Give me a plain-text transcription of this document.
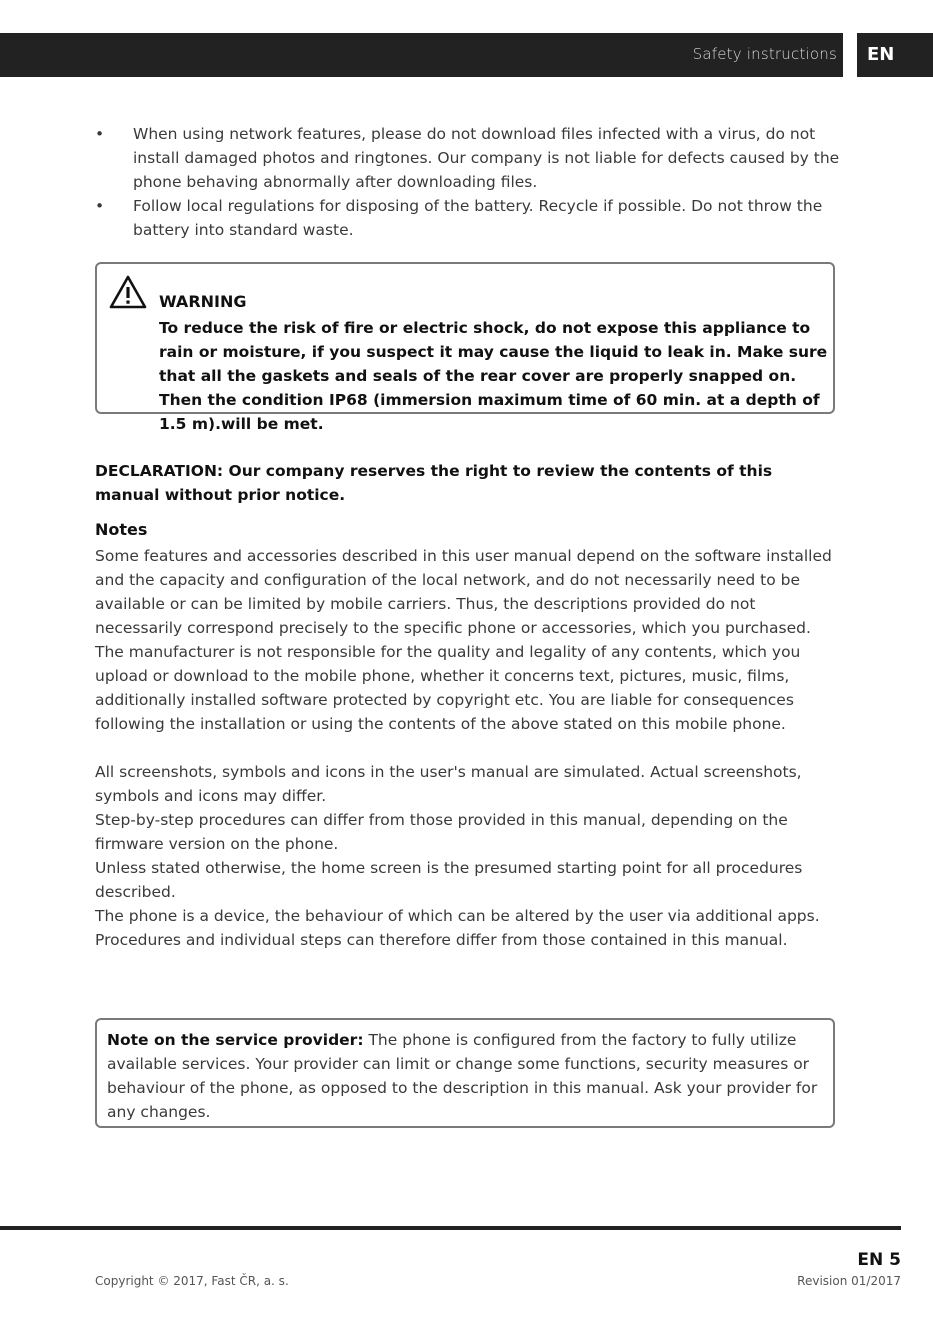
Safety instructions EN
• When using network features, please do not download files infected with a virus, do not install damaged photos and ringtones. Our company is not liable for defects caused by the phone behaving abnormally after downloading files.
• Follow local regulations for disposing of the battery. Recycle if possible. Do not throw the battery into standard waste.
WARNING
To reduce the risk of fire or electric shock, do not expose this appliance to rain or moisture, if you suspect it may cause the liquid to leak in. Make sure that all the gaskets and seals of the rear cover are properly snapped on. Then the condition IP68 (immersion maximum time of 60 min. at a depth of 1.5 m).will be met.
DECLARATION: Our company reserves the right to review the contents of this manual without prior notice.
Notes

Some features and accessories described in this user manual depend on the software installed and the capacity and configuration of the local network, and do not necessarily need to be available or can be limited by mobile carriers. Thus, the descriptions provided do not necessarily correspond precisely to the specific phone or accessories, which you purchased. The manufacturer is not responsible for the quality and legality of any contents, which you upload or download to the mobile phone, whether it concerns text, pictures, music, films, additionally installed software protected by copyright etc. You are liable for consequences following the installation or using the contents of the above stated on this mobile phone.

All screenshots, symbols and icons in the user's manual are simulated. Actual screenshots, symbols and icons may differ.

Step-by-step procedures can differ from those provided in this manual, depending on the firmware version on the phone.

Unless stated otherwise, the home screen is the presumed starting point for all procedures described.

The phone is a device, the behaviour of which can be altered by the user via additional apps. Procedures and individual steps can therefore differ from those contained in this manual.

Note on the service provider: The phone is configured from the factory to fully utilize available services. Your provider can limit or change some functions, security measures or behaviour of the phone, as opposed to the description in this manual. Ask your provider for any changes.
EN 5
Copyright © 2017, Fast ČR, a. s.	Revision 01/2017
